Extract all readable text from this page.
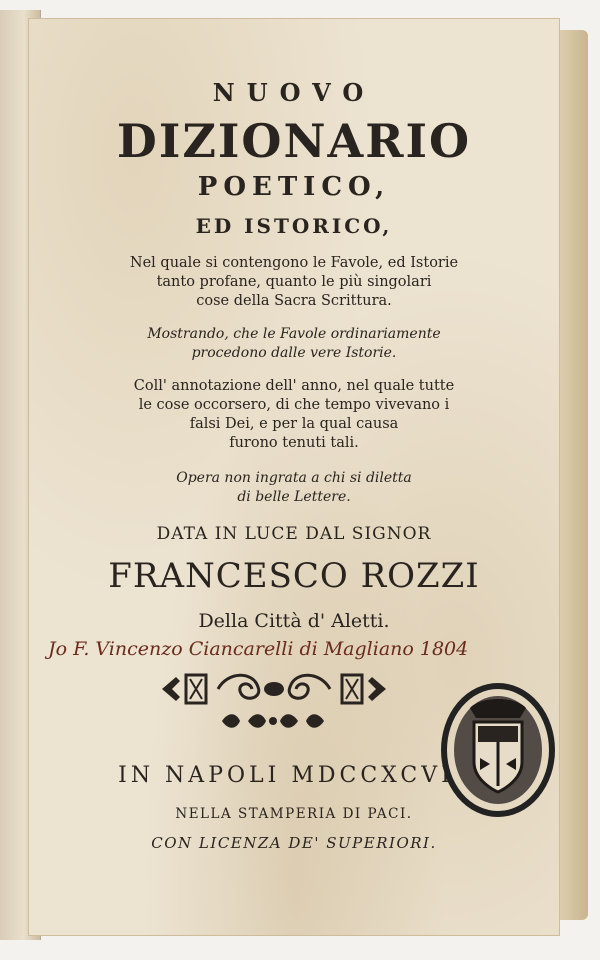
NUOVO
DIZIONARIO
POETICO,
ED ISTORICO,
Nel quale si contengono le Favole, ed Istorie
tanto profane, quanto le più singolari
cose della Sacra Scrittura.
Mostrando, che le Favole ordinariamente
procedono dalle vere Istorie.
Coll' annotazione dell' anno, nel quale tutte
le cose occorsero, di che tempo vivevano i
falsi Dei, e per la qual causa
furono tenuti tali.
Opera non ingrata a chi si diletta
di belle Lettere.
DATA IN LUCE DAL SIGNOR
FRANCESCO ROZZI
Della Città d' Aletti.
Jo F. Vincenzo Ciancarelli di Magliano 1804
IN NAPOLI MDCCXCVI
NELLA STAMPERIA DI PACI.
CON LICENZA DE' SUPERIORI.
